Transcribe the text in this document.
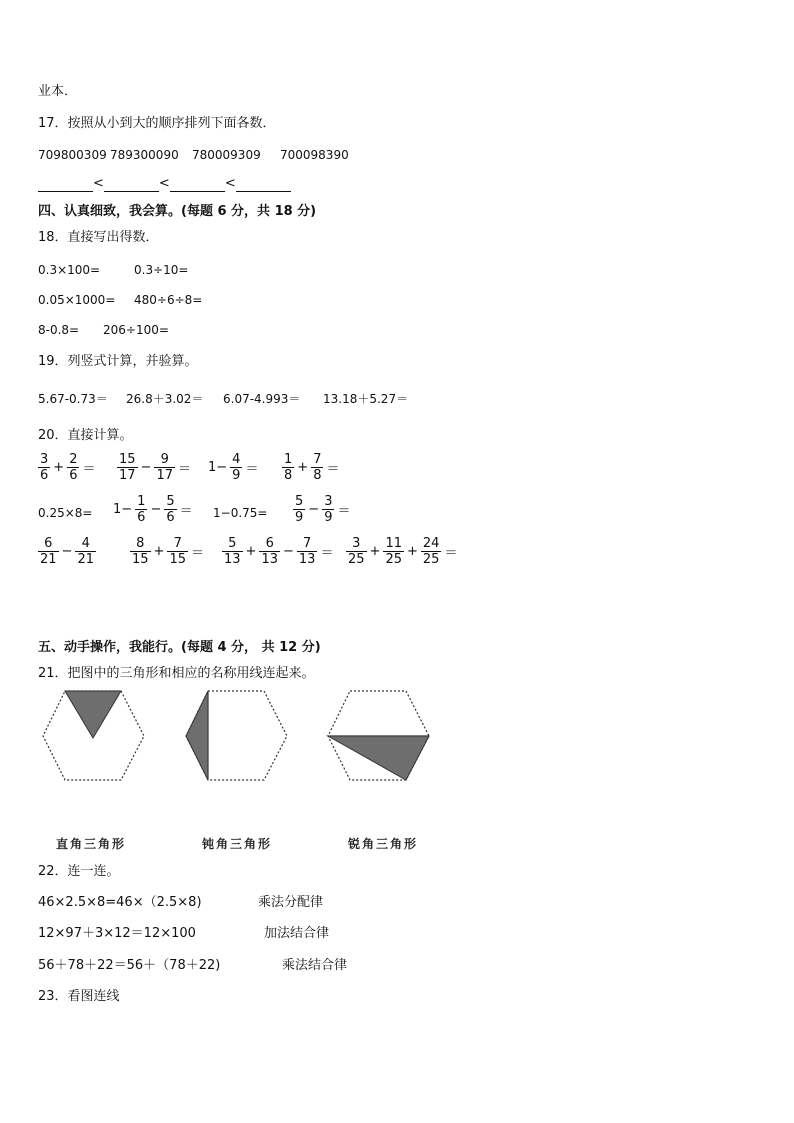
业本．
17．按照从小到大的顺序排列下面各数．
709800309 789300090 780009309 700098390
<	<	<
四、认真细致，我会算。(每题 6 分，共 18 分)
18．直接写出得数．
0.3×100=	0.3÷10=
0.05×1000= 480÷6÷8=
8-0.8= 206÷100=
19．列竖式计算，并验算。
5.67-0.73＝ 26.8＋3.02＝ 6.07-4.993＝ 13.18＋5.27＝
20．直接计算。
$\frac{3}{6} + \frac{2}{6} = \frac{15}{17} - \frac{9}{17} = 1- \frac{4}{9} = \frac{1}{8} + \frac{7}{8}$ ＝
$0.25\times 8= 1- \frac{1}{6} - \frac{5}{6} = 1-0.75= \frac{5}{9} - \frac{3}{9}$ ＝
$\frac{6}{21} - \frac{4}{21}$	$\frac{8}{15} + \frac{7}{15} = \frac{5}{13} + \frac{6}{13} - \frac{7}{13} = \frac{3}{25} + \frac{11}{25} + \frac{24}{25}$ ＝
五、动手操作，我能行。(每题 4 分， 共 12 分)
21．把图中的三角形和相应的名称用线连起来。
直角三角形	钝角三角形	锐角三角形
22．连一连。
46×2.5×8=46×（2.5×8)
12×97＋3×12＝12×100
56＋78＋22＝56＋（78＋22)
乘法分配律
加法结合律
乘法结合律
23．看图连线
